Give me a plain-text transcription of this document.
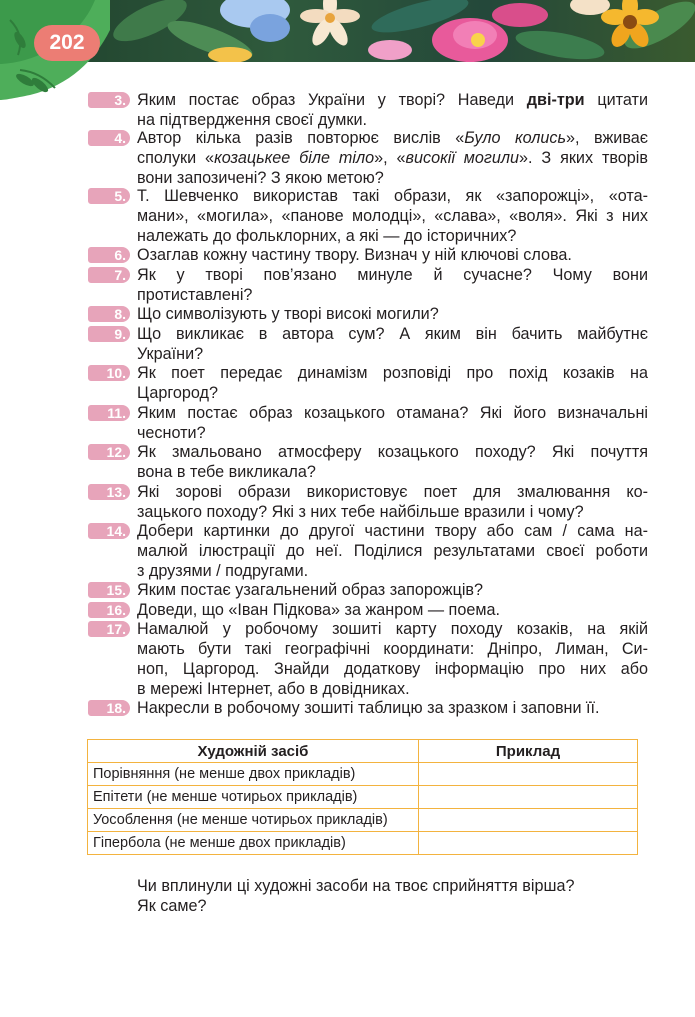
202
3. Яким постає образ України у творі? Наведи дві-три цитати
на підтвердження своєї думки.
4. Автор кілька разів повторює вислів «Було колись», вживає
сполуки «козацькее біле тіло», «високії могили». З яких творів
вони запозичені? З якою метою?
5. Т. Шевченко використав такі образи, як «запорожці», «ота-
мани», «могила», «панове молодці», «слава», «воля». Які з них
належать до фольклорних, а які — до історичних?
6. Озаглав кожну частину твору. Визнач у ній ключові слова.
7. Як у творі пов’язано минуле й сучасне? Чому вони
протиставлені?
8. Що символізують у творі високі могили?
9. Що викликає в автора сум? А яким він бачить майбутнє
України?
10. Як поет передає динамізм розповіді про похід козаків на
Царгород?
11. Яким постає образ козацького отамана? Які його визначальні
чесноти?
12. Як змальовано атмосферу козацького походу? Які почуття
вона в тебе викликала?
13. Які зорові образи використовує поет для змалювання ко-
зацького походу? Які з них тебе найбільше вразили і чому?
14. Добери картинки до другої частини твору або сам / сама на-
малюй ілюстрації до неї. Поділися результатами своєї роботи
з друзями / подругами.
15. Яким постає узагальнений образ запорожців?
16. Доведи, що «Іван Підкова» за жанром — поема.
17. Намалюй у робочому зошиті карту походу козаків, на якій
мають бути такі географічні координати: Дніпро, Лиман, Си-
ноп, Царгород. Знайди додаткову інформацію про них або
в мережі Інтернет, або в довідниках.
18. Накресли в робочому зошиті таблицю за зразком і заповни її.
Художній засіб	Приклад
Порівняння (не менше двох прикладів)	
Епітети (не менше чотирьох прикладів)	
Уособлення (не менше чотирьох прикладів)	
Гіпербола (не менше двох прикладів)	
Чи вплинули ці художні засоби на твоє сприйняття вірша?
Як саме?
